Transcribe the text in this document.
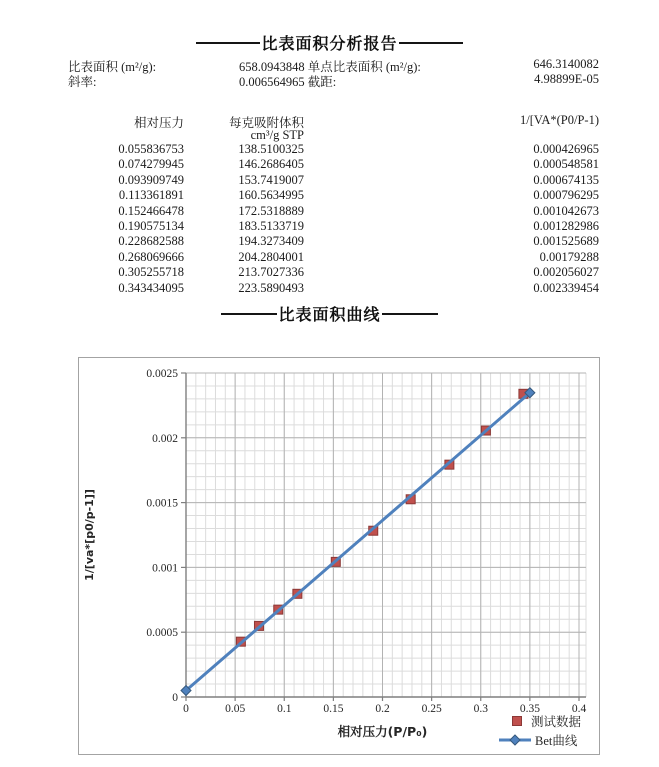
比表面积分析报告
比表面积 (m²/g):	658.0943848 单点比表面积 (m²/g):	646.3140082
斜率:	0.006564965 截距:	4.98899E-05
相对压力	每克吸附体积	1/[VA*(P0/P-1)
cm³/g STP
0.055836753	138.5100325	0.000426965
0.074279945	146.2686405	0.000548581
0.093909749	153.7419007	0.000674135
0.113361891	160.5634995	0.000796295
0.152466478	172.5318889	0.001042673
0.190575134	183.5133719	0.001282986
0.228682588	194.3273409	0.001525689
0.268069666	204.2804001	0.00179288
0.305255718	213.7027336	0.002056027
0.343434095	223.5890493	0.002339454
比表面积曲线
0	0.05	0.1	0.15	0.2	0.25	0.3	0.35	0.4
0
0.0005
0.001
0.0015
0.002
0.0025
相对压力(P/P₀)
1/[va*[p0/p-1]]
测试数据
Bet曲线
